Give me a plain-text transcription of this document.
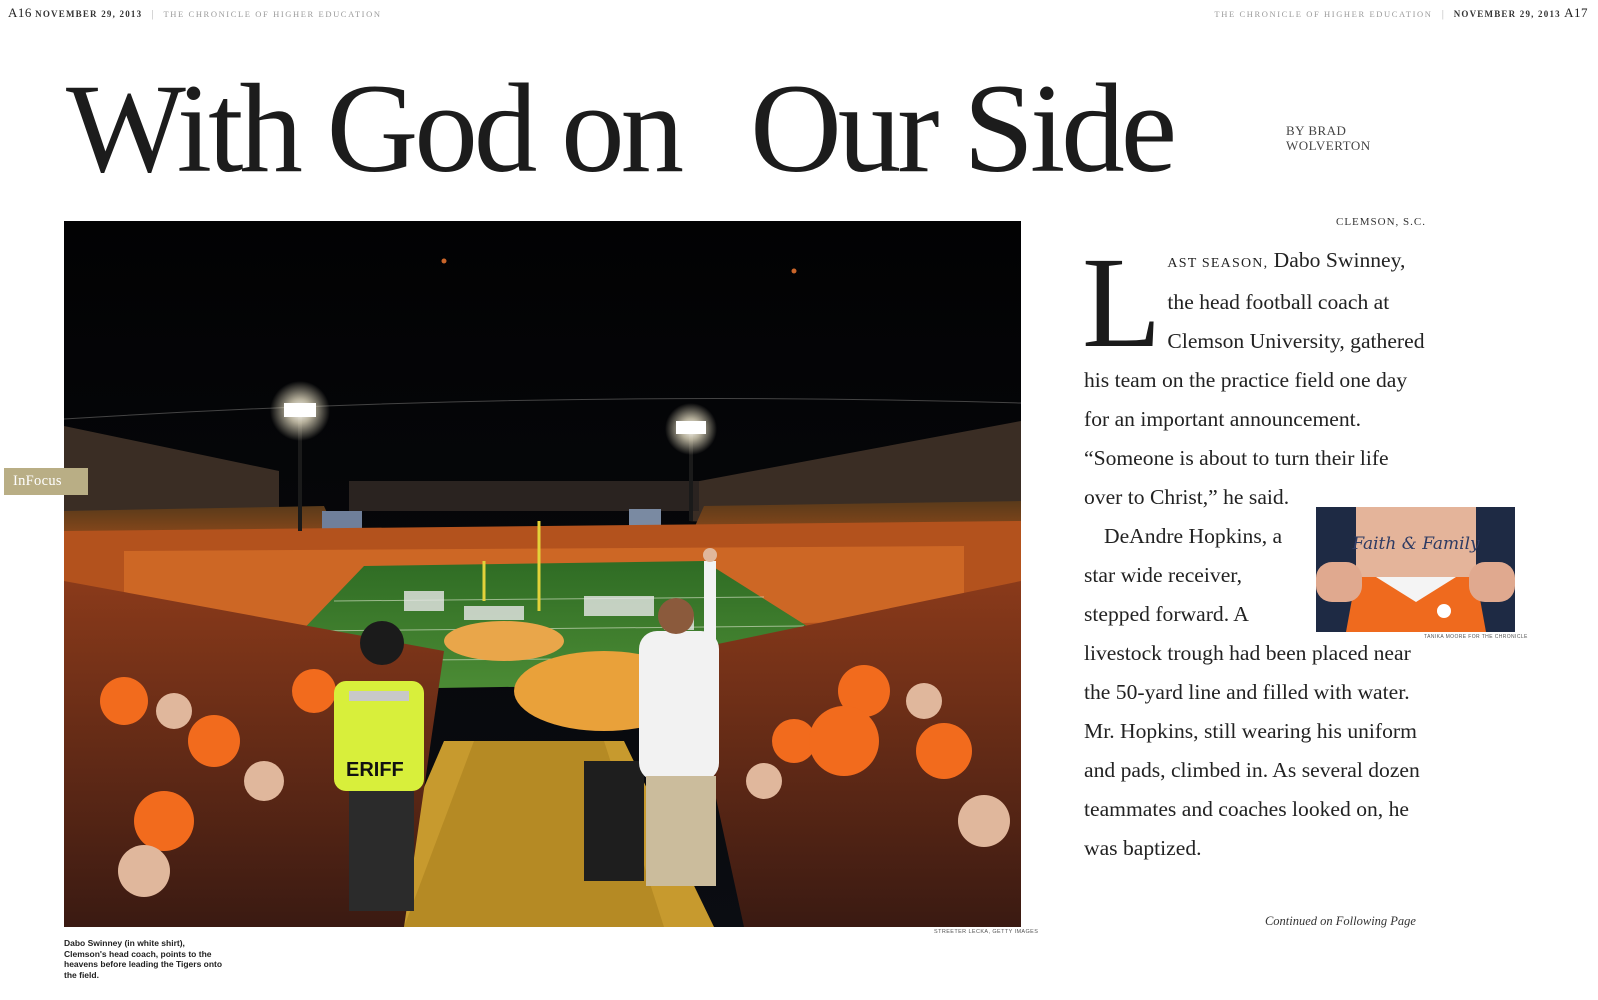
A16 NOVEMBER 29, 2013 | THE CHRONICLE OF HIGHER EDUCATION	THE CHRONICLE OF HIGHER EDUCATION | NOVEMBER 29, 2013 A17
With God on Our Side	BY BRAD
WOLVERTON
ERIFF
STREETER LECKA, GETTY IMAGES
InFocus
Dabo Swinney (in white shirt), Clemson's head coach, points to the heavens before leading the Tigers onto the field.
CLEMSON, S.C.

LAST SEASON, Dabo Swinney, the head football coach at Clemson University, gathered his team on the practice field one day for an important announcement. “Someone is about to turn their life over to Christ,” he said.

DeAndre Hopkins, a star wide receiver, stepped forward. A

livestock trough had been placed near the 50-yard line and filled with water. Mr. Hopkins, still wearing his uniform and pads, climbed in. As several dozen teammates and coaches looked on, he was baptized.

Continued on Following Page
Faith & Family
TANIKA MOORE FOR THE CHRONICLE
